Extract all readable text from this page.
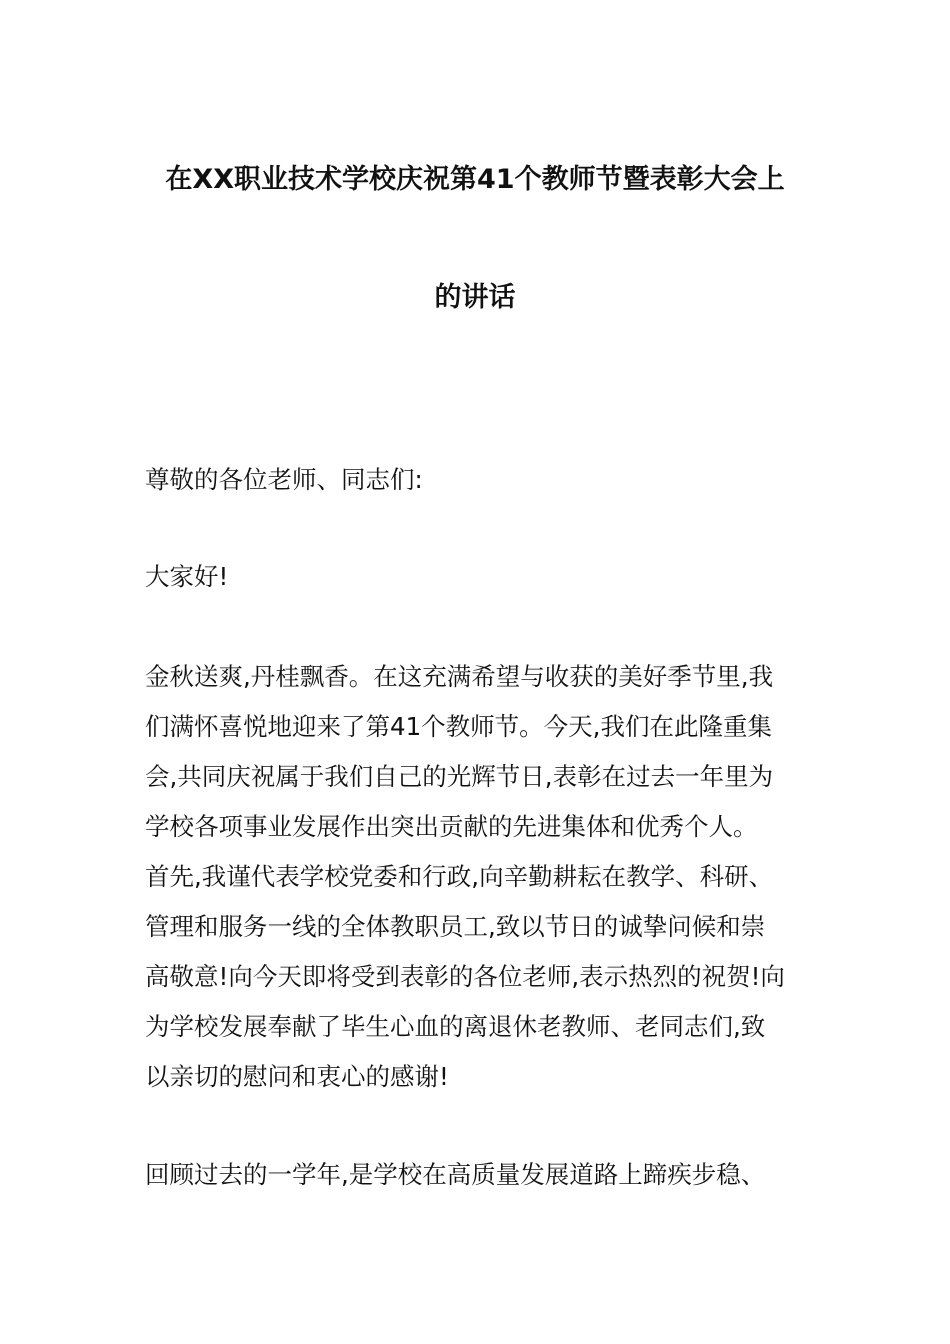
在XX职业技术学校庆祝第41个教师节暨表彰大会上
的讲话
尊敬的各位老师、同志们:
大家好!
金秋送爽,丹桂飘香。在这充满希望与收获的美好季节里,我
们满怀喜悦地迎来了第41个教师节。今天,我们在此隆重集
会,共同庆祝属于我们自己的光辉节日,表彰在过去一年里为
学校各项事业发展作出突出贡献的先进集体和优秀个人。
首先,我谨代表学校党委和行政,向辛勤耕耘在教学、科研、
管理和服务一线的全体教职员工,致以节日的诚挚问候和崇
高敬意!向今天即将受到表彰的各位老师,表示热烈的祝贺!向
为学校发展奉献了毕生心血的离退休老教师、老同志们,致
以亲切的慰问和衷心的感谢!
回顾过去的一学年,是学校在高质量发展道路上蹄疾步稳、
